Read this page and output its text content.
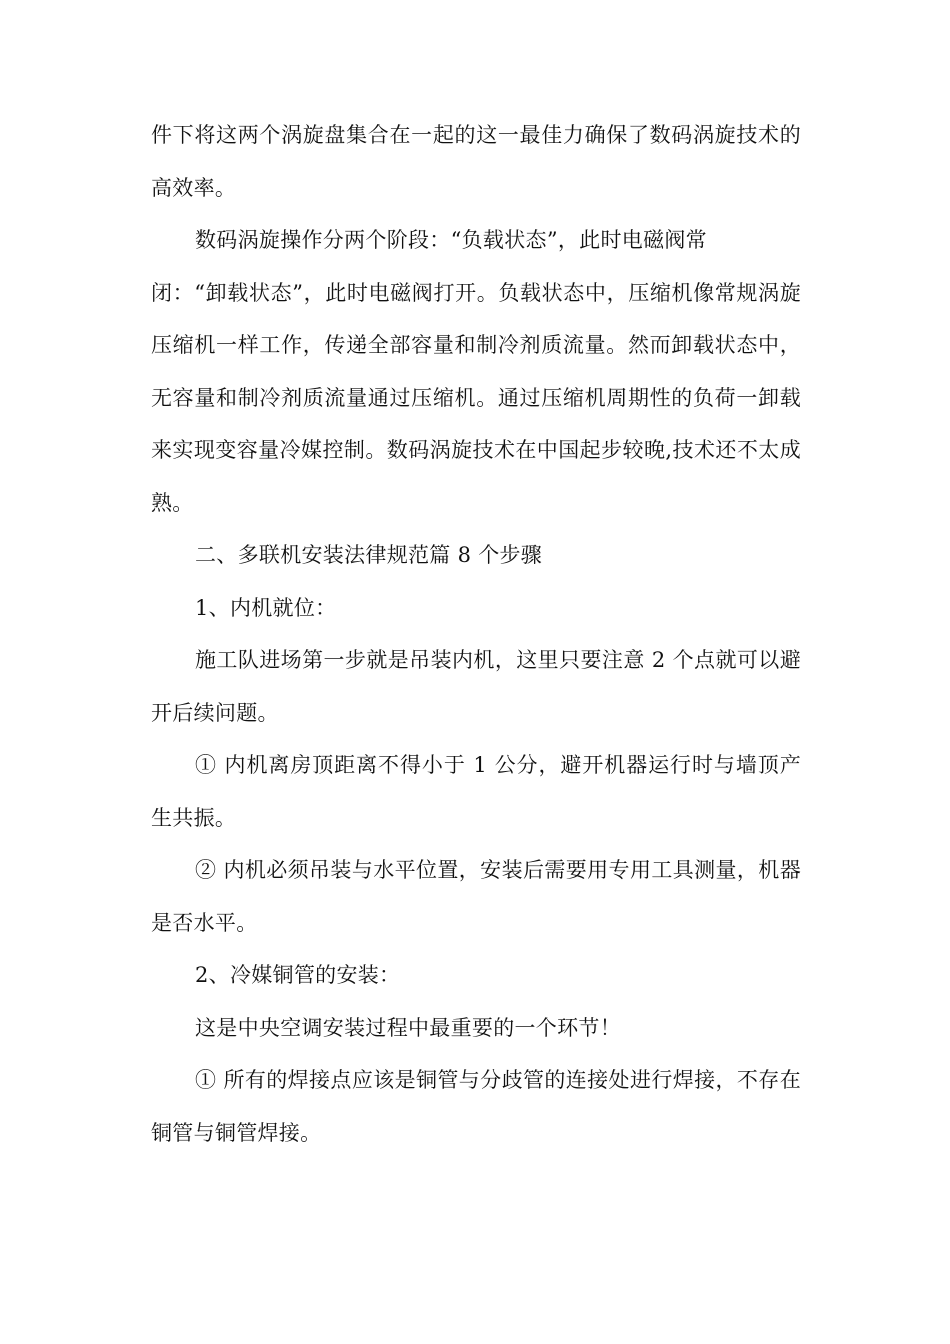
件下将这两个涡旋盘集合在一起的这一最佳力确保了数码涡旋技术的高效率。

数码涡旋操作分两个阶段：“负载状态”，此时电磁阀常

闭：“卸载状态”，此时电磁阀打开。负载状态中，压缩机像常规涡旋压缩机一样工作，传递全部容量和制冷剂质流量。然而卸载状态中，无容量和制冷剂质流量通过压缩机。通过压缩机周期性的负荷一卸载来实现变容量冷媒控制。数码涡旋技术在中国起步较晚,技术还不太成熟。

二、多联机安装法律规范篇 8 个步骤

1、内机就位：

施工队进场第一步就是吊装内机，这里只要注意 2 个点就可以避开后续问题。

① 内机离房顶距离不得小于 1 公分，避开机器运行时与墙顶产生共振。

② 内机必须吊装与水平位置，安装后需要用专用工具测量，机器是否水平。

2、冷媒铜管的安装：

这是中央空调安装过程中最重要的一个环节！

① 所有的焊接点应该是铜管与分歧管的连接处进行焊接，不存在铜管与铜管焊接。
